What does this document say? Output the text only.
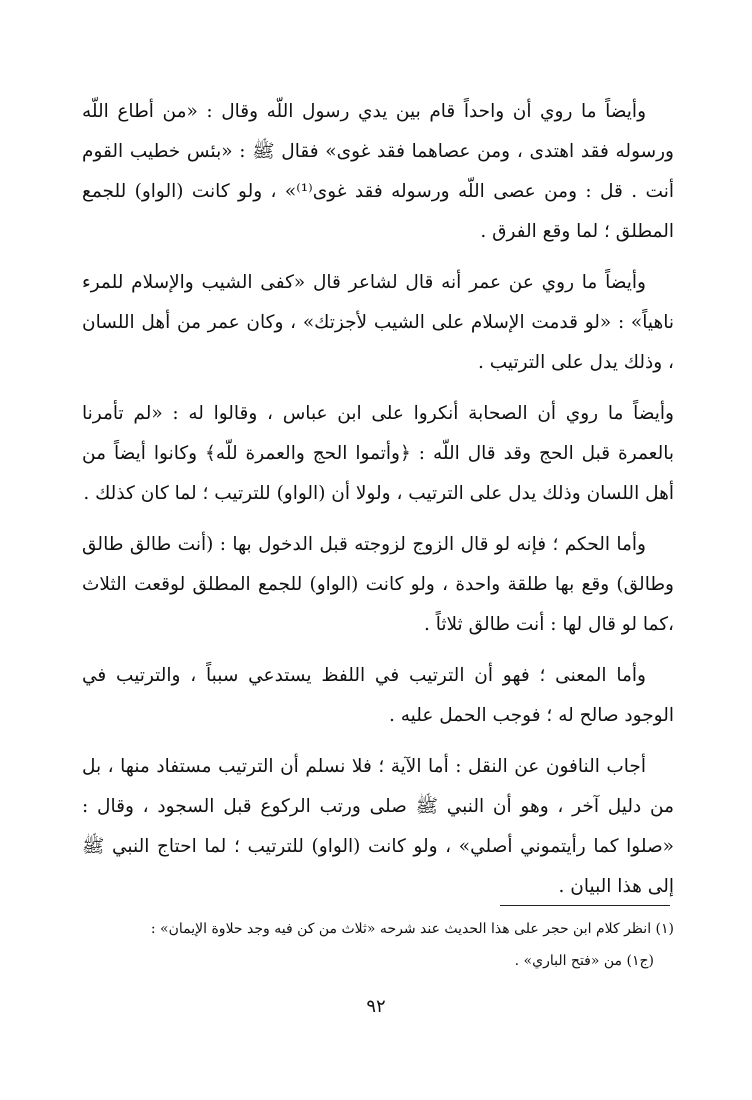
وأيضاً ما روي أن واحداً قام بين يدي رسول اللّه وقال : «من أطاع اللّه ورسوله فقد اهتدى ، ومن عصاهما فقد غوى» فقال ﷺ : «بئس خطيب القوم أنت . قل : ومن عصى اللّه ورسوله فقد غوى⁽¹⁾» ، ولو كانت (الواو) للجمع المطلق ؛ لما وقع الفرق .

وأيضاً ما روي عن عمر أنه قال لشاعر قال «كفى الشيب والإسلام للمرء ناهياً» : «لو قدمت الإسلام على الشيب لأجزتك» ، وكان عمر من أهل اللسان ، وذلك يدل على الترتيب .

وأيضاً ما روي أن الصحابة أنكروا على ابن عباس ، وقالوا له : «لم تأمرنا بالعمرة قبل الحج وقد قال اللّه : ﴿وأتموا الحج والعمرة للّه﴾ وكانوا أيضاً من أهل اللسان وذلك يدل على الترتيب ، ولولا أن (الواو) للترتيب ؛ لما كان كذلك .

وأما الحكم ؛ فإنه لو قال الزوج لزوجته قبل الدخول بها : (أنت طالق طالق وطالق) وقع بها طلقة واحدة ، ولو كانت (الواو) للجمع المطلق لوقعت الثلاث ،كما لو قال لها : أنت طالق ثلاثاً .

وأما المعنى ؛ فهو أن الترتيب في اللفظ يستدعي سبباً ، والترتيب في الوجود صالح له ؛ فوجب الحمل عليه .

أجاب النافون عن النقل : أما الآية ؛ فلا نسلم أن الترتيب مستفاد منها ، بل من دليل آخر ، وهو أن النبي ﷺ صلى ورتب الركوع قبل السجود ، وقال : «صلوا كما رأيتموني أصلي» ، ولو كانت (الواو) للترتيب ؛ لما احتاج النبي ﷺ إلى هذا البيان .

(١) انظر كلام ابن حجر على هذا الحديث عند شرحه «ثلاث من كن فيه وجد حلاوة الإيمان» :

(ج١) من «فتح الباري» .

٩٢
